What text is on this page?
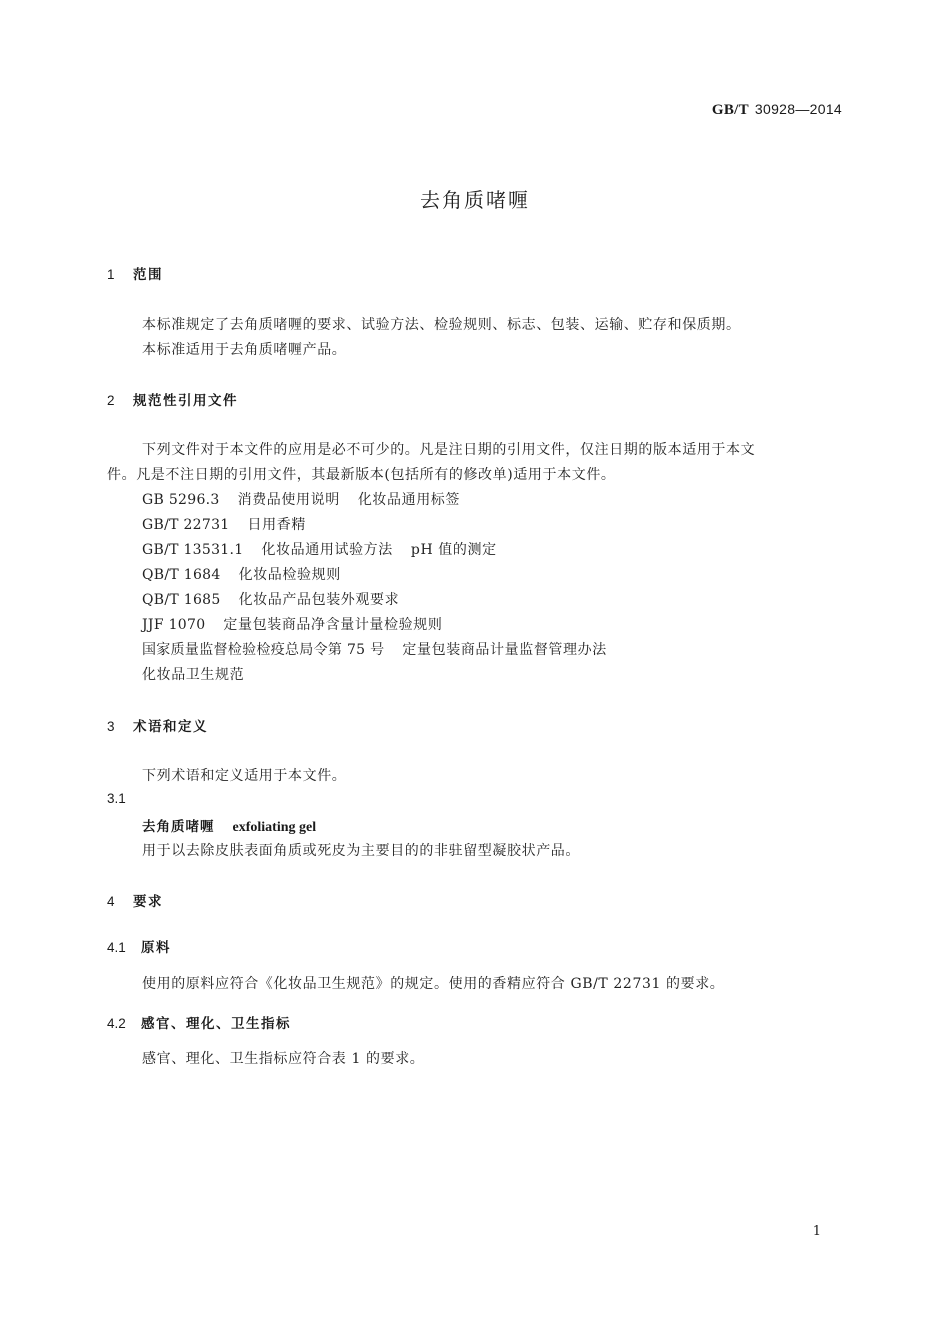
GB/T 30928—2014
去角质啫喱
1 范围
本标准规定了去角质啫喱的要求、试验方法、检验规则、标志、包装、运输、贮存和保质期。
本标准适用于去角质啫喱产品。
2 规范性引用文件
下列文件对于本文件的应用是必不可少的。凡是注日期的引用文件，仅注日期的版本适用于本文
件。凡是不注日期的引用文件，其最新版本(包括所有的修改单)适用于本文件。
GB 5296.3 消费品使用说明 化妆品通用标签
GB/T 22731 日用香精
GB/T 13531.1 化妆品通用试验方法 pH 值的测定
QB/T 1684 化妆品检验规则
QB/T 1685 化妆品产品包装外观要求
JJF 1070 定量包装商品净含量计量检验规则
国家质量监督检验检疫总局令第 75 号 定量包装商品计量监督管理办法
化妆品卫生规范
3 术语和定义
下列术语和定义适用于本文件。
3.1
去角质啫喱 exfoliating gel
用于以去除皮肤表面角质或死皮为主要目的的非驻留型凝胶状产品。
4 要求
4.1 原料
使用的原料应符合《化妆品卫生规范》的规定。使用的香精应符合 GB/T 22731 的要求。
4.2 感官、理化、卫生指标
感官、理化、卫生指标应符合表 1 的要求。
1
